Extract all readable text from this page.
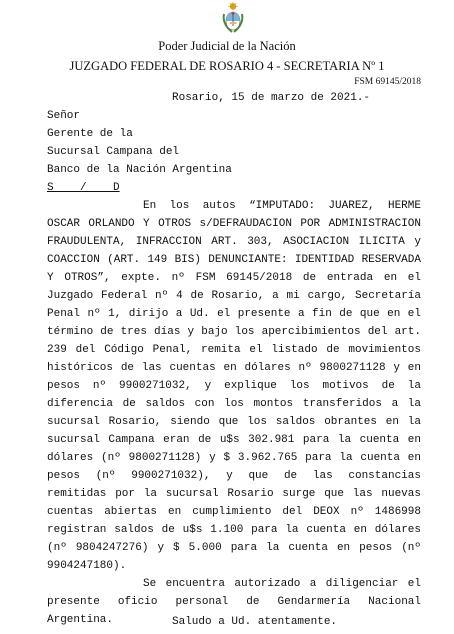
Poder Judicial de la Nación
JUZGADO FEDERAL DE ROSARIO 4 - SECRETARIA Nº 1
FSM 69145/2018
Rosario, 15 de marzo de 2021.-
Señor
Gerente de la
Sucursal Campana del
Banco de la Nación Argentina
S    /    D

En los autos “IMPUTADO: JUAREZ, HERME OSCAR ORLANDO Y OTROS s/DEFRAUDACION POR ADMINISTRACION FRAUDULENTA, INFRACCION ART. 303, ASOCIACION ILICITA y COACCION (ART. 149 BIS) DENUNCIANTE: IDENTIDAD RESERVADA Y OTROS”, expte. nº FSM 69145/2018 de entrada en el Juzgado Federal nº 4 de Rosario, a mi cargo, Secretaría Penal nº 1, dirijo a Ud. el presente a fin de que en el término de tres días y bajo los apercibimientos del art. 239 del Código Penal, remita el listado de movimientos históricos de las cuentas en dólares nº 9800271128 y en pesos nº 9900271032, y explique los motivos de la diferencia de saldos con los montos transferidos a la sucursal Rosario, siendo que los saldos obrantes en la sucursal Campana eran de u$s 302.981 para la cuenta en dólares (nº 9800271128) y $ 3.962.765 para la cuenta en pesos (nº 9900271032), y que de las constancias remitidas por la sucursal Rosario surge que las nuevas cuentas abiertas en cumplimiento del DEOX nº 1486998 registran saldos de u$s 1.100 para la cuenta en dólares (nº 9804247276) y $ 5.000 para la cuenta en pesos (nº 9904247180).

Se encuentra autorizado a diligenciar el presente oficio personal de Gendarmería Nacional Argentina.	Saludo a Ud. atentamente.
